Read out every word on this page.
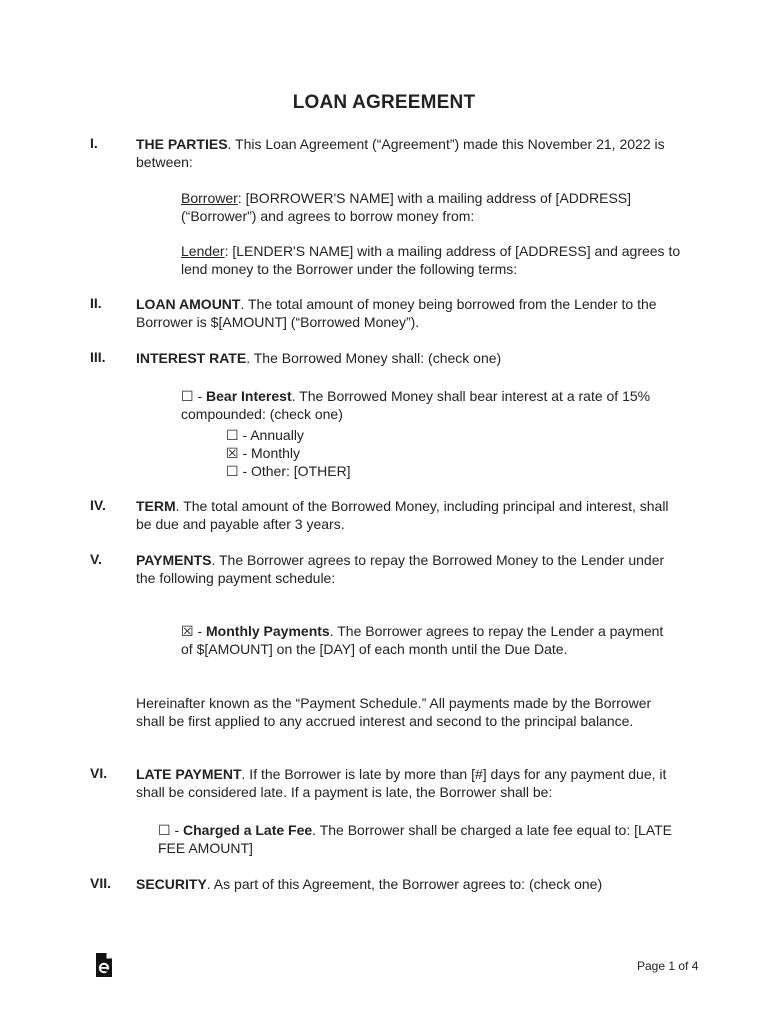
LOAN AGREEMENT
I.	THE PARTIES. This Loan Agreement (“Agreement”) made this November 21, 2022 is between:
Borrower: [BORROWER'S NAME] with a mailing address of [ADDRESS] (“Borrower”) and agrees to borrow money from:
Lender: [LENDER'S NAME] with a mailing address of [ADDRESS] and agrees to lend money to the Borrower under the following terms:
II. LOAN AMOUNT. The total amount of money being borrowed from the Lender to the Borrower is $[AMOUNT] (“Borrowed Money”).
III. INTEREST RATE. The Borrowed Money shall: (check one)
☐ - Bear Interest. The Borrowed Money shall bear interest at a rate of 15% compounded: (check one)
☐ - Annually
☒ - Monthly
☐ - Other: [OTHER]
IV. TERM. The total amount of the Borrowed Money, including principal and interest, shall be due and payable after 3 years.
V. PAYMENTS. The Borrower agrees to repay the Borrowed Money to the Lender under the following payment schedule:
☒ - Monthly Payments. The Borrower agrees to repay the Lender a payment of $[AMOUNT] on the [DAY] of each month until the Due Date.
Hereinafter known as the “Payment Schedule.” All payments made by the Borrower shall be first applied to any accrued interest and second to the principal balance.
VI. LATE PAYMENT. If the Borrower is late by more than [#] days for any payment due, it shall be considered late. If a payment is late, the Borrower shall be:
☐ - Charged a Late Fee. The Borrower shall be charged a late fee equal to: [LATE FEE AMOUNT]
VII. SECURITY. As part of this Agreement, the Borrower agrees to: (check one)
Page 1 of 4
